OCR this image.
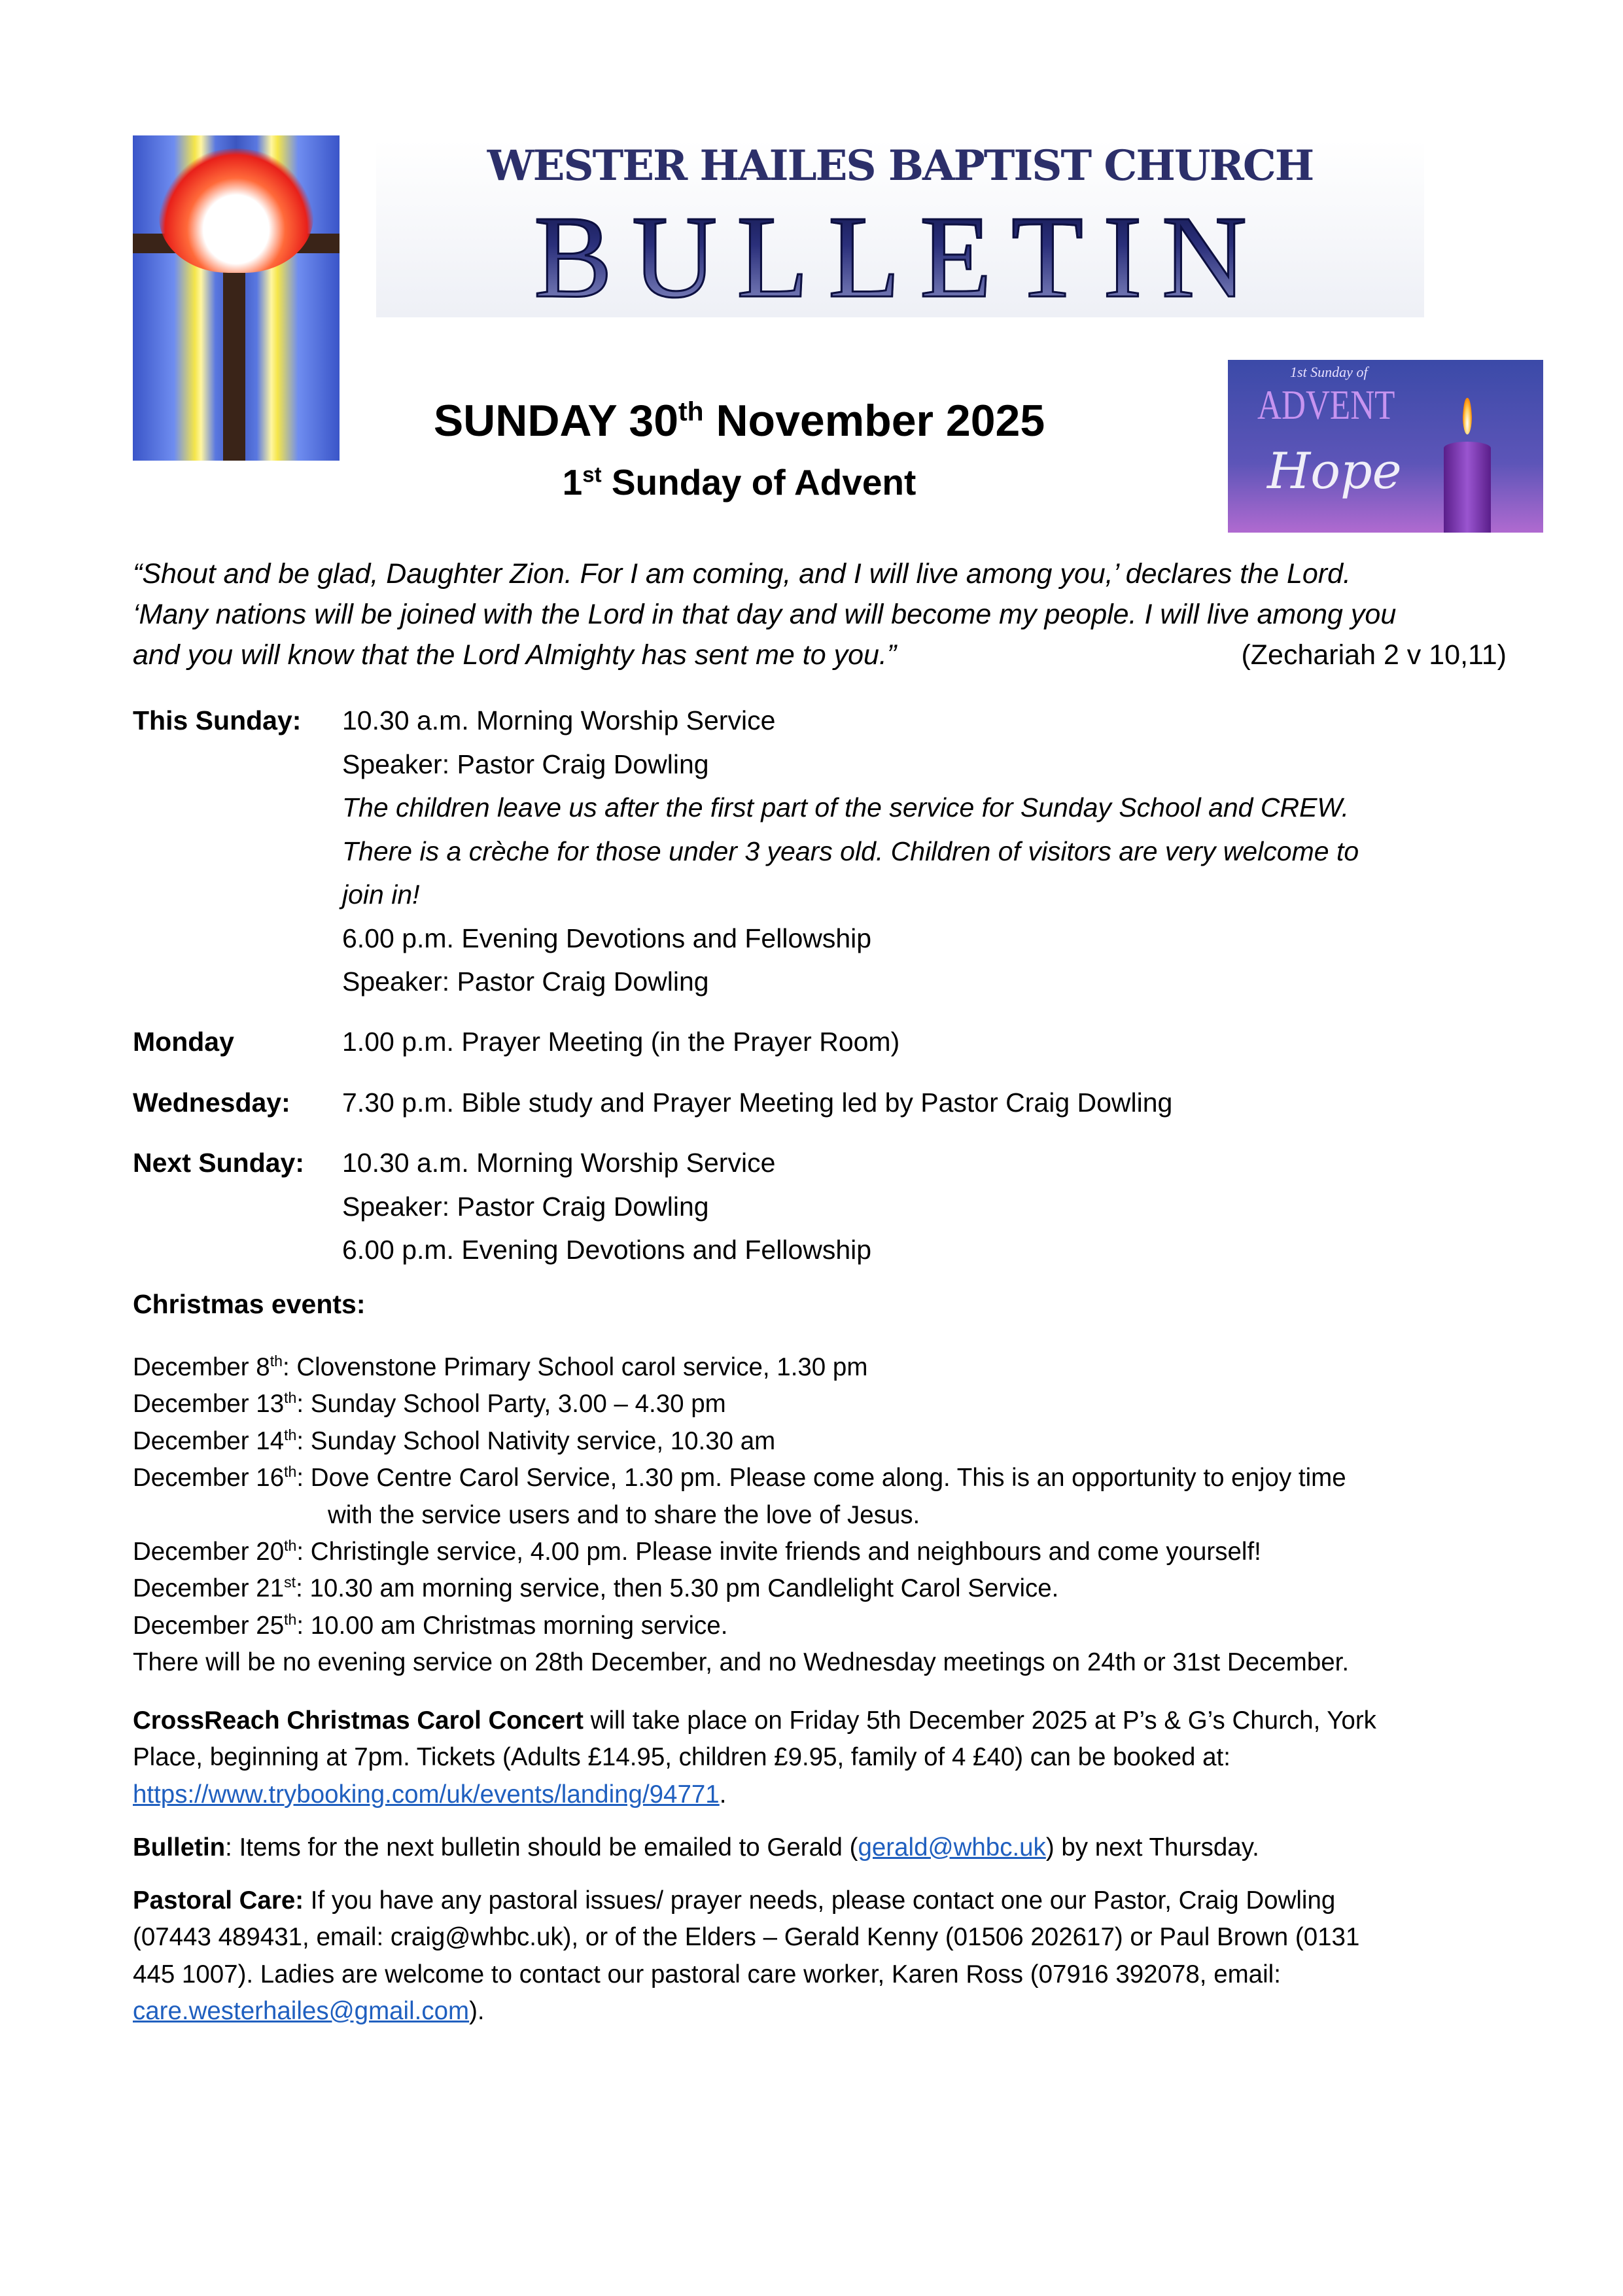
BULLETIN
WESTER HAILES BAPTIST CHURCH
1st Sunday of
ADVENT
Hope
SUNDAY 30th November 2025
1st Sunday of Advent
“Shout and be glad, Daughter Zion. For I am coming, and I will live among you,’ declares the Lord.
‘Many nations will be joined with the Lord in that day and will become my people. I will live among you
and you will know that the Lord Almighty has sent me to you.”	(Zechariah 2 v 10,11)
This Sunday: 10.30 a.m. Morning Worship Service
Speaker: Pastor Craig Dowling
The children leave us after the first part of the service for Sunday School and CREW.
There is a crèche for those under 3 years old. Children of visitors are very welcome to
join in!
6.00 p.m. Evening Devotions and Fellowship
Speaker: Pastor Craig Dowling
Monday	1.00 p.m. Prayer Meeting (in the Prayer Room)
Wednesday: 7.30 p.m. Bible study and Prayer Meeting led by Pastor Craig Dowling
Next Sunday: 10.30 a.m. Morning Worship Service
Speaker: Pastor Craig Dowling
6.00 p.m. Evening Devotions and Fellowship
Christmas events:
December 8th: Clovenstone Primary School carol service, 1.30 pm
December 13th: Sunday School Party, 3.00 – 4.30 pm
December 14th: Sunday School Nativity service, 10.30 am
December 16th: Dove Centre Carol Service, 1.30 pm. Please come along. This is an opportunity to enjoy time
with the service users and to share the love of Jesus.
December 20th: Christingle service, 4.00 pm. Please invite friends and neighbours and come yourself!
December 21st: 10.30 am morning service, then 5.30 pm Candlelight Carol Service.
December 25th: 10.00 am Christmas morning service.
There will be no evening service on 28th December, and no Wednesday meetings on 24th or 31st December.
CrossReach Christmas Carol Concert will take place on Friday 5th December 2025 at P’s & G’s Church, York
Place, beginning at 7pm. Tickets (Adults £14.95, children £9.95, family of 4 £40) can be booked at:
https://www.trybooking.com/uk/events/landing/94771.
Bulletin: Items for the next bulletin should be emailed to Gerald (gerald@whbc.uk) by next Thursday.
Pastoral Care: If you have any pastoral issues/ prayer needs, please contact one our Pastor, Craig Dowling
(07443 489431, email: craig@whbc.uk), or of the Elders – Gerald Kenny (01506 202617) or Paul Brown (0131
445 1007). Ladies are welcome to contact our pastoral care worker, Karen Ross (07916 392078, email:
care.westerhailes@gmail.com).
